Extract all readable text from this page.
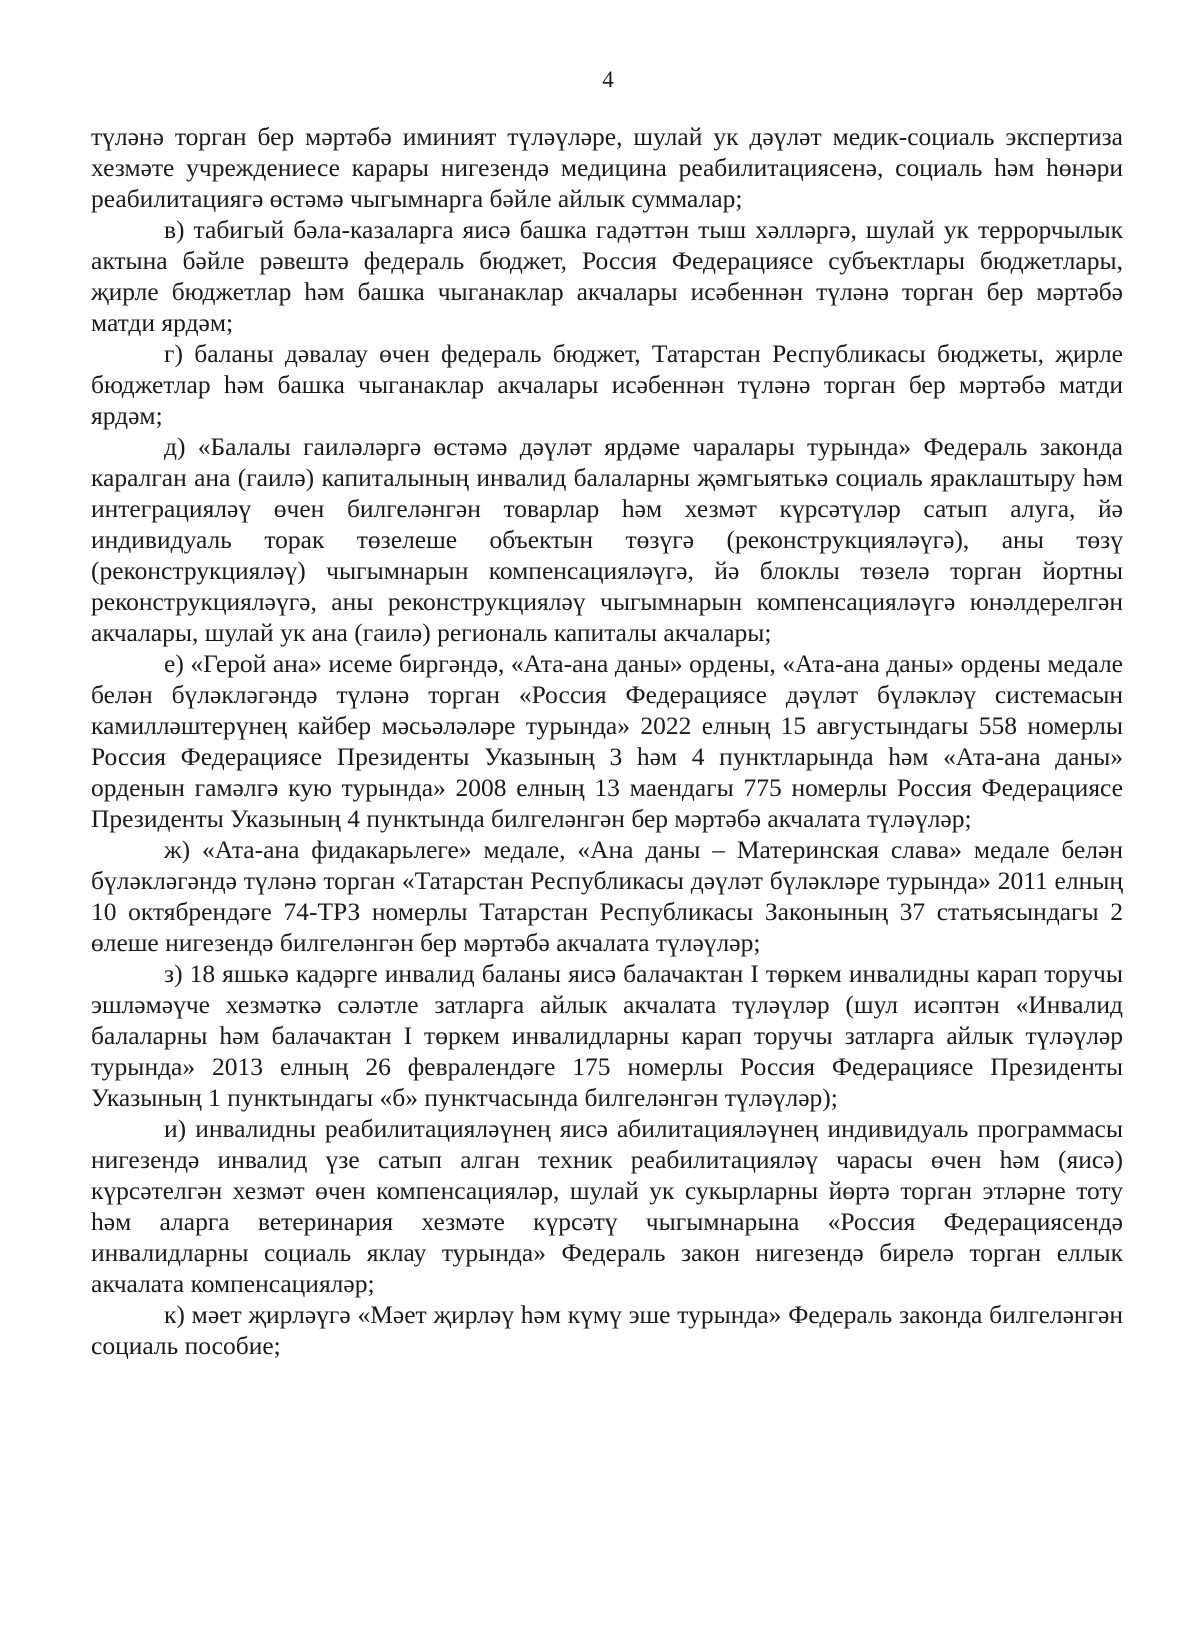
4

түләнә торган бер мәртәбә иминият түләүләре, шулай ук дәүләт медик-социаль экспертиза хезмәте учреждениесе карары нигезендә медицина реабилитациясенә, социаль һәм һөнәри реабилитациягә өстәмә чыгымнарга бәйле айлык суммалар;

в) табигый бәла-казаларга яисә башка гадәттән тыш хәлләргә, шулай ук террорчылык актына бәйле рәвештә федераль бюджет, Россия Федерациясе субъектлары бюджетлары, җирле бюджетлар һәм башка чыганаклар акчалары исәбеннән түләнә торган бер мәртәбә матди ярдәм;

г) баланы дәвалау өчен федераль бюджет, Татарстан Республикасы бюджеты, җирле бюджетлар һәм башка чыганаклар акчалары исәбеннән түләнә торган бер мәртәбә матди ярдәм;

д) «Балалы гаиләләргә өстәмә дәүләт ярдәме чаралары турында» Федераль законда каралган ана (гаилә) капиталының инвалид балаларны җәмгыятькә социаль яраклаштыру һәм интеграцияләү өчен билгеләнгән товарлар һәм хезмәт күрсәтүләр сатып алуга, йә индивидуаль торак төзелеше объектын төзүгә (реконструкцияләүгә), аны төзү (реконструкцияләү) чыгымнарын компенсацияләүгә, йә блоклы төзелә торган йортны реконструкцияләүгә, аны реконструкцияләү чыгымнарын компенсацияләүгә юнәлдерелгән акчалары, шулай ук ана (гаилә) региональ капиталы акчалары;

е) «Герой ана» исеме биргәндә, «Ата-ана даны» ордены, «Ата-ана даны» ордены медале белән бүләкләгәндә түләнә торган «Россия Федерациясе дәүләт бүләкләү системасын камилләштерүнең кайбер мәсьәләләре турында» 2022 елның 15 августындагы 558 номерлы Россия Федерациясе Президенты Указының 3 һәм 4 пунктларында һәм «Ата-ана даны» орденын гамәлгә кую турында» 2008 елның 13 маендагы 775 номерлы Россия Федерациясе Президенты Указының 4 пунктында билгеләнгән бер мәртәбә акчалата түләүләр;

ж) «Ата-ана фидакарьлеге» медале, «Ана даны – Материнская слава» медале белән бүләкләгәндә түләнә торган «Татарстан Республикасы дәүләт бүләкләре турында» 2011 елның 10 октябрендәге 74-ТРЗ номерлы Татарстан Республикасы Законының 37 статьясындагы 2 өлеше нигезендә билгеләнгән бер мәртәбә акчалата түләүләр;

з) 18 яшькә кадәрге инвалид баланы яисә балачактан I төркем инвалидны карап торучы эшләмәүче хезмәткә сәләтле затларга айлык акчалата түләүләр (шул исәптән «Инвалид балаларны һәм балачактан I төркем инвалидларны карап торучы затларга айлык түләүләр турында» 2013 елның 26 февралендәге 175 номерлы Россия Федерациясе Президенты Указының 1 пунктындагы «б» пунктчасында билгеләнгән түләүләр);

и) инвалидны реабилитацияләүнең яисә абилитацияләүнең индивидуаль программасы нигезендә инвалид үзе сатып алган техник реабилитацияләү чарасы өчен һәм (яисә) күрсәтелгән хезмәт өчен компенсацияләр, шулай ук сукырларны йөртә торган этләрне тоту һәм аларга ветеринария хезмәте күрсәтү чыгымнарына «Россия Федерациясендә инвалидларны социаль яклау турында» Федераль закон нигезендә бирелә торган еллык акчалата компенсацияләр;

к) мәет җирләүгә «Мәет җирләү һәм күмү эше турында» Федераль законда билгеләнгән социаль пособие;
